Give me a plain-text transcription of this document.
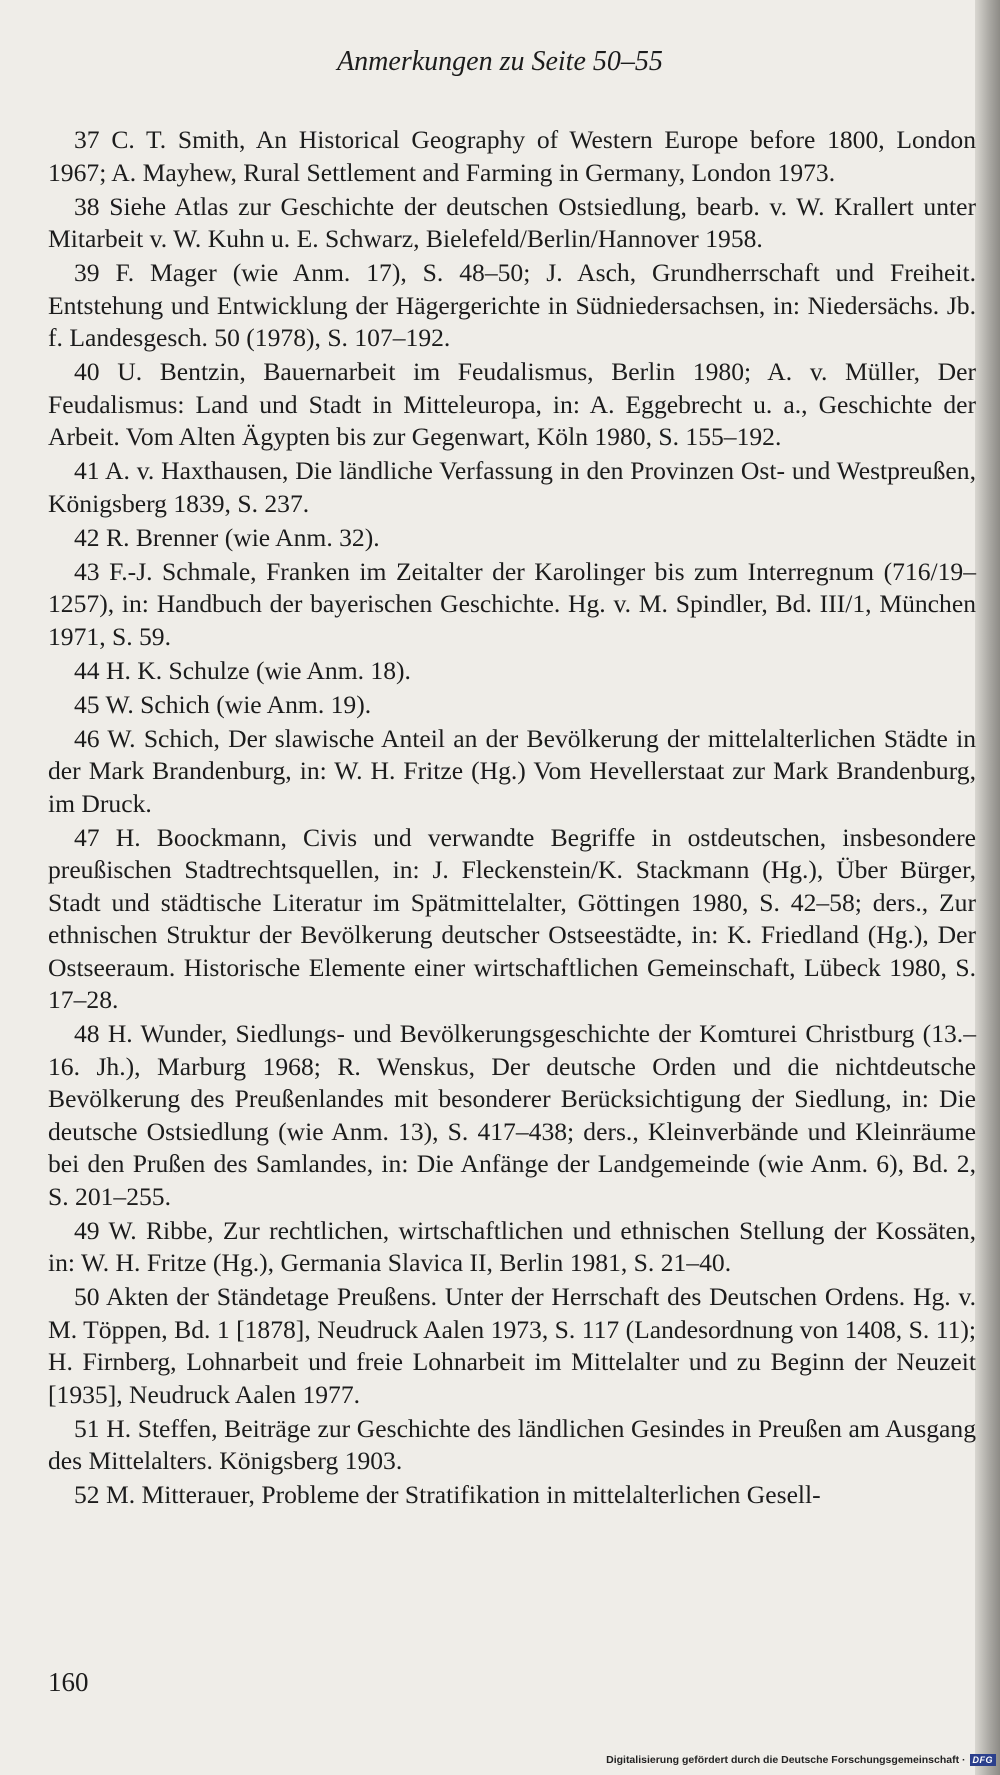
Anmerkungen zu Seite 50–55

37 C. T. Smith, An Historical Geography of Western Europe before 1800, London 1967; A. Mayhew, Rural Settlement and Farming in Germany, London 1973.

38 Siehe Atlas zur Geschichte der deutschen Ostsiedlung, bearb. v. W. Krallert unter Mitarbeit v. W. Kuhn u. E. Schwarz, Bielefeld/Berlin/Hannover 1958.

39 F. Mager (wie Anm. 17), S. 48–50; J. Asch, Grundherrschaft und Freiheit. Entstehung und Entwicklung der Hägergerichte in Südniedersachsen, in: Niedersächs. Jb. f. Landesgesch. 50 (1978), S. 107–192.

40 U. Bentzin, Bauernarbeit im Feudalismus, Berlin 1980; A. v. Müller, Der Feudalismus: Land und Stadt in Mitteleuropa, in: A. Eggebrecht u. a., Geschichte der Arbeit. Vom Alten Ägypten bis zur Gegenwart, Köln 1980, S. 155–192.

41 A. v. Haxthausen, Die ländliche Verfassung in den Provinzen Ost- und Westpreußen, Königsberg 1839, S. 237.

42 R. Brenner (wie Anm. 32).

43 F.-J. Schmale, Franken im Zeitalter der Karolinger bis zum Interregnum (716/19–1257), in: Handbuch der bayerischen Geschichte. Hg. v. M. Spindler, Bd. III/1, München 1971, S. 59.

44 H. K. Schulze (wie Anm. 18).

45 W. Schich (wie Anm. 19).

46 W. Schich, Der slawische Anteil an der Bevölkerung der mittelalterlichen Städte in der Mark Brandenburg, in: W. H. Fritze (Hg.) Vom Hevellerstaat zur Mark Brandenburg, im Druck.

47 H. Boockmann, Civis und verwandte Begriffe in ostdeutschen, insbesondere preußischen Stadtrechtsquellen, in: J. Fleckenstein/K. Stackmann (Hg.), Über Bürger, Stadt und städtische Literatur im Spätmittelalter, Göttingen 1980, S. 42–58; ders., Zur ethnischen Struktur der Bevölkerung deutscher Ostseestädte, in: K. Friedland (Hg.), Der Ostseeraum. Historische Elemente einer wirtschaftlichen Gemeinschaft, Lübeck 1980, S. 17–28.

48 H. Wunder, Siedlungs- und Bevölkerungsgeschichte der Komturei Christburg (13.–16. Jh.), Marburg 1968; R. Wenskus, Der deutsche Orden und die nichtdeutsche Bevölkerung des Preußenlandes mit besonderer Berücksichtigung der Siedlung, in: Die deutsche Ostsiedlung (wie Anm. 13), S. 417–438; ders., Kleinverbände und Kleinräume bei den Prußen des Samlandes, in: Die Anfänge der Landgemeinde (wie Anm. 6), Bd. 2, S. 201–255.

49 W. Ribbe, Zur rechtlichen, wirtschaftlichen und ethnischen Stellung der Kossäten, in: W. H. Fritze (Hg.), Germania Slavica II, Berlin 1981, S. 21–40.

50 Akten der Ständetage Preußens. Unter der Herrschaft des Deutschen Ordens. Hg. v. M. Töppen, Bd. 1 [1878], Neudruck Aalen 1973, S. 117 (Landesordnung von 1408, S. 11); H. Firnberg, Lohnarbeit und freie Lohnarbeit im Mittelalter und zu Beginn der Neuzeit [1935], Neudruck Aalen 1977.

51 H. Steffen, Beiträge zur Geschichte des ländlichen Gesindes in Preußen am Ausgang des Mittelalters. Königsberg 1903.

52 M. Mitterauer, Probleme der Stratifikation in mittelalterlichen Gesell-

160
Digitalisierung gefördert durch die Deutsche Forschungsgemeinschaft · DFG
